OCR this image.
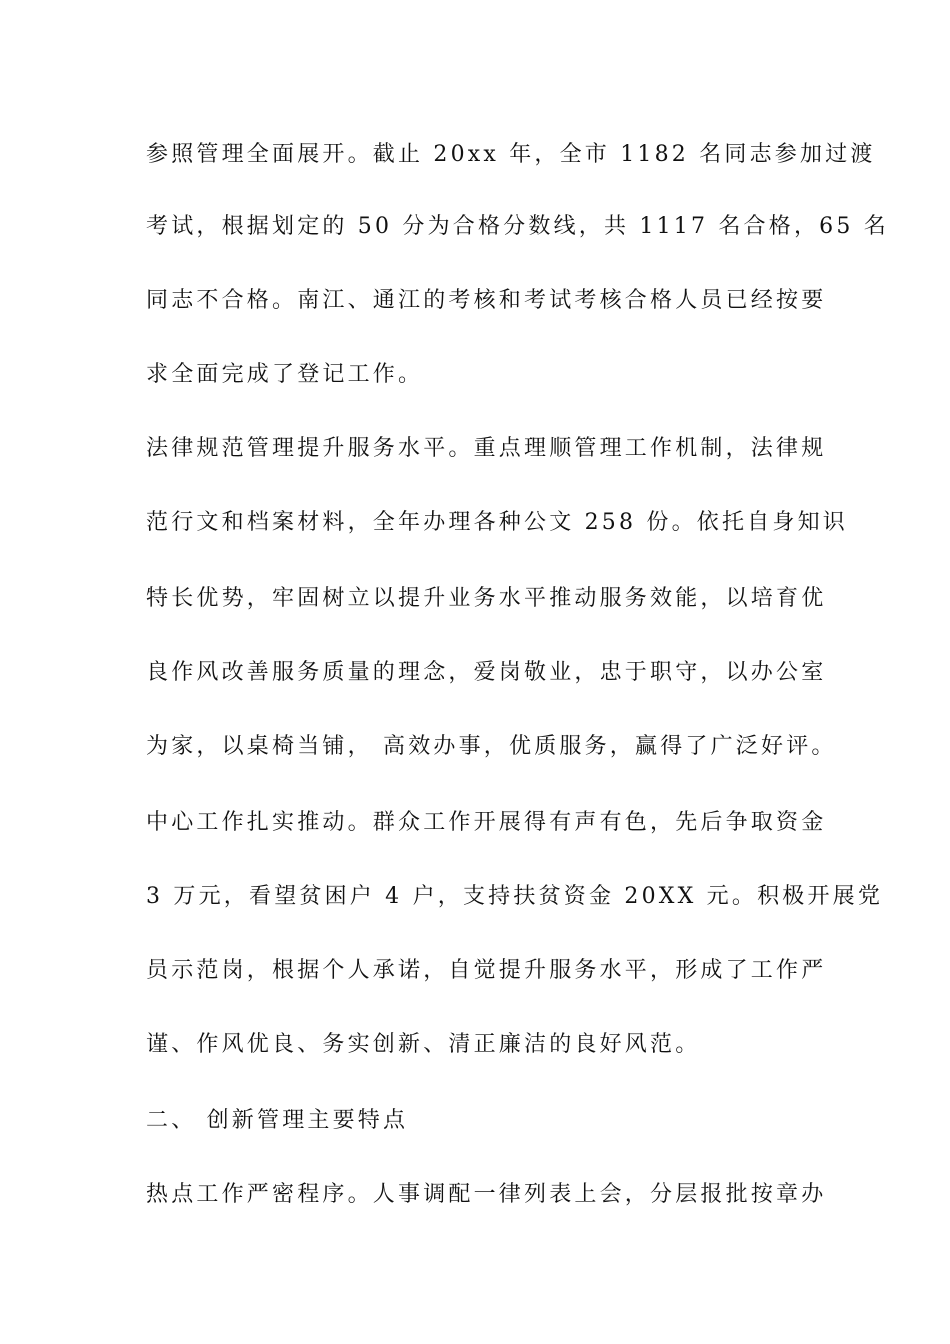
参照管理全面展开。截止 20xx 年，全市 1182 名同志参加过渡
考试，根据划定的 50 分为合格分数线，共 1117 名合格，65 名
同志不合格。南江、通江的考核和考试考核合格人员已经按要
求全面完成了登记工作。
法律规范管理提升服务水平。重点理顺管理工作机制，法律规
范行文和档案材料，全年办理各种公文 258 份。依托自身知识
特长优势，牢固树立以提升业务水平推动服务效能，以培育优
良作风改善服务质量的理念，爱岗敬业，忠于职守，以办公室
为家，以桌椅当铺， 高效办事，优质服务，赢得了广泛好评。
中心工作扎实推动。群众工作开展得有声有色，先后争取资金
3 万元，看望贫困户 4 户，支持扶贫资金 20XX 元。积极开展党
员示范岗，根据个人承诺，自觉提升服务水平，形成了工作严
谨、作风优良、务实创新、清正廉洁的良好风范。
二、 创新管理主要特点
热点工作严密程序。人事调配一律列表上会，分层报批按章办
